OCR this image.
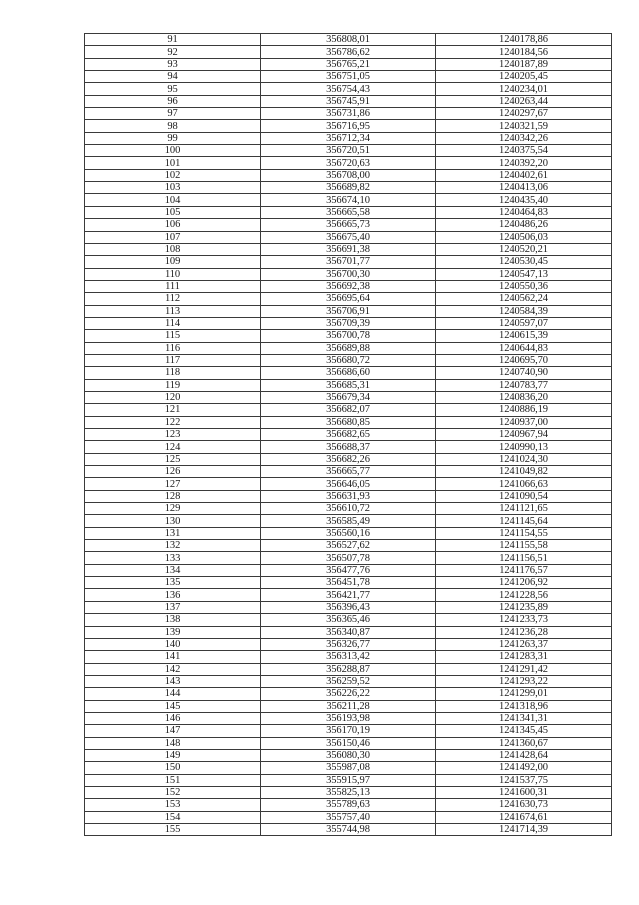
91	356808,01	1240178,86
92	356786,62	1240184,56
93	356765,21	1240187,89
94	356751,05	1240205,45
95	356754,43	1240234,01
96	356745,91	1240263,44
97	356731,86	1240297,67
98	356716,95	1240321,59
99	356712,34	1240342,26
100	356720,51	1240375,54
101	356720,63	1240392,20
102	356708,00	1240402,61
103	356689,82	1240413,06
104	356674,10	1240435,40
105	356665,58	1240464,83
106	356665,73	1240486,26
107	356675,40	1240506,03
108	356691,38	1240520,21
109	356701,77	1240530,45
110	356700,30	1240547,13
111	356692,38	1240550,36
112	356695,64	1240562,24
113	356706,91	1240584,39
114	356709,39	1240597,07
115	356700,78	1240615,39
116	356689,88	1240644,83
117	356680,72	1240695,70
118	356686,60	1240740,90
119	356685,31	1240783,77
120	356679,34	1240836,20
121	356682,07	1240886,19
122	356680,85	1240937,00
123	356682,65	1240967,94
124	356688,37	1240990,13
125	356682,26	1241024,30
126	356665,77	1241049,82
127	356646,05	1241066,63
128	356631,93	1241090,54
129	356610,72	1241121,65
130	356585,49	1241145,64
131	356560,16	1241154,55
132	356527,62	1241155,58
133	356507,78	1241156,51
134	356477,76	1241176,57
135	356451,78	1241206,92
136	356421,77	1241228,56
137	356396,43	1241235,89
138	356365,46	1241233,73
139	356340,87	1241236,28
140	356326,77	1241263,37
141	356313,42	1241283,31
142	356288,87	1241291,42
143	356259,52	1241293,22
144	356226,22	1241299,01
145	356211,28	1241318,96
146	356193,98	1241341,31
147	356170,19	1241345,45
148	356150,46	1241360,67
149	356080,30	1241428,64
150	355987,08	1241492,00
151	355915,97	1241537,75
152	355825,13	1241600,31
153	355789,63	1241630,73
154	355757,40	1241674,61
155	355744,98	1241714,39
